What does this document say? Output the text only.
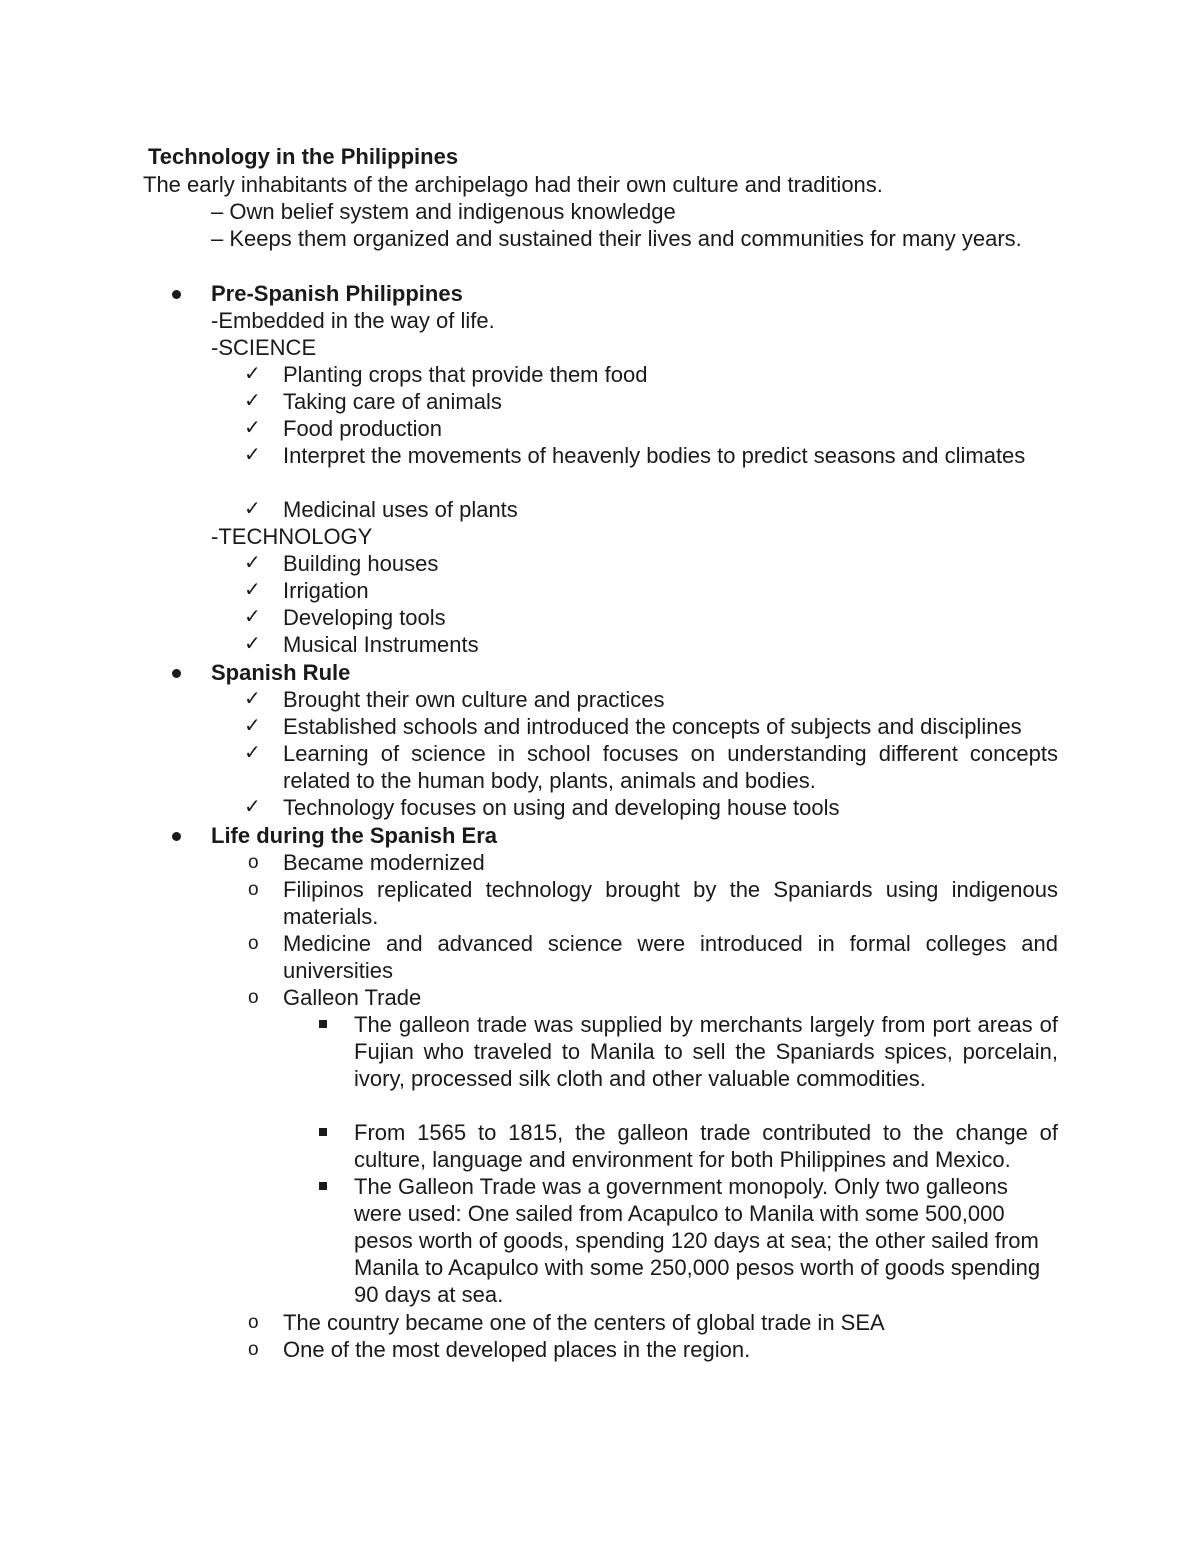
Technology in the Philippines
The early inhabitants of the archipelago had their own culture and traditions.
– Own belief system and indigenous knowledge
– Keeps them organized and sustained their lives and communities for many years.
Pre-Spanish Philippines
-Embedded in the way of life.
-SCIENCE
✓ Planting crops that provide them food
✓ Taking care of animals
✓ Food production
✓ Interpret the movements of heavenly bodies to predict seasons and climates
✓ Medicinal uses of plants
-TECHNOLOGY
✓ Building houses
✓ Irrigation
✓ Developing tools
✓ Musical Instruments
Spanish Rule
✓ Brought their own culture and practices
✓ Established schools and introduced the concepts of subjects and disciplines
✓ Learning of science in school focuses on understanding different concepts related to the human body, plants, animals and bodies.
✓ Technology focuses on using and developing house tools
Life during the Spanish Era
o Became modernized
o Filipinos replicated technology brought by the Spaniards using indigenous materials.
o Medicine and advanced science were introduced in formal colleges and universities
o Galleon Trade
The galleon trade was supplied by merchants largely from port areas of Fujian who traveled to Manila to sell the Spaniards spices, porcelain, ivory, processed silk cloth and other valuable commodities.
From 1565 to 1815, the galleon trade contributed to the change of culture, language and environment for both Philippines and Mexico.
The Galleon Trade was a government monopoly. Only two galleons were used: One sailed from Acapulco to Manila with some 500,000 pesos worth of goods, spending 120 days at sea; the other sailed from Manila to Acapulco with some 250,000 pesos worth of goods spending 90 days at sea.
o The country became one of the centers of global trade in SEA
o One of the most developed places in the region.
